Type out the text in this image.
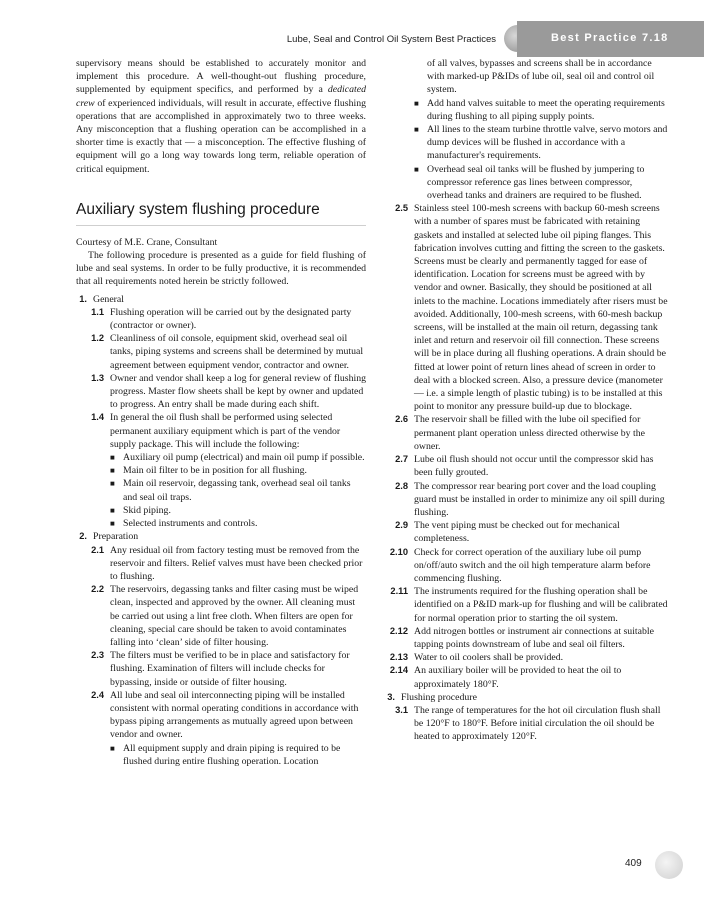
Lube, Seal and Control Oil System Best Practices	Best Practice 7.18

supervisory means should be established to accurately monitor and implement this procedure. A well-thought-out flushing procedure, supplemented by equipment specifics, and performed by a dedicated crew of experienced individuals, will result in accurate, effective flushing operations that are accomplished in approximately two to three weeks. Any misconception that a flushing operation can be accomplished in a shorter time is exactly that — a misconception. The effective flushing of equipment will go a long way towards long term, reliable operation of critical equipment.

Auxiliary system flushing procedure

Courtesy of M.E. Crane, Consultant

The following procedure is presented as a guide for field flushing of lube and seal systems. In order to be fully productive, it is recommended that all requirements noted herein be strictly followed.

1. General
1.1 Flushing operation will be carried out by the designated party (contractor or owner).
1.2 Cleanliness of oil console, equipment skid, overhead seal oil tanks, piping systems and screens shall be determined by mutual agreement between equipment vendor, contractor and owner.
1.3 Owner and vendor shall keep a log for general review of flushing progress. Master flow sheets shall be kept by owner and updated to progress. An entry shall be made during each shift.
1.4 In general the oil flush shall be performed using selected permanent auxiliary equipment which is part of the vendor supply package. This will include the following:
■ Auxiliary oil pump (electrical) and main oil pump if possible.
■ Main oil filter to be in position for all flushing.
■ Main oil reservoir, degassing tank, overhead seal oil tanks and seal oil traps.
■ Skid piping.
■ Selected instruments and controls.
2. Preparation
2.1 Any residual oil from factory testing must be removed from the reservoir and filters. Relief valves must have been checked prior to flushing.
2.2 The reservoirs, degassing tanks and filter casing must be wiped clean, inspected and approved by the owner. All cleaning must be carried out using a lint free cloth. When filters are open for cleaning, special care should be taken to avoid contaminates falling into ‘clean’ side of filter housing.
2.3 The filters must be verified to be in place and satisfactory for flushing. Examination of filters will include checks for bypassing, inside or outside of filter housing.
2.4 All lube and seal oil interconnecting piping will be installed consistent with normal operating conditions in accordance with bypass piping arrangements as mutually agreed upon between vendor and owner.
■ All equipment supply and drain piping is required to be flushed during entire flushing operation. Location
of all valves, bypasses and screens shall be in accordance with marked-up P&IDs of lube oil, seal oil and control oil system.
■ Add hand valves suitable to meet the operating requirements during flushing to all piping supply points.
■ All lines to the steam turbine throttle valve, servo motors and dump devices will be flushed in accordance with a manufacturer's requirements.
■ Overhead seal oil tanks will be flushed by jumpering to compressor reference gas lines between compressor, overhead tanks and drainers are required to be flushed.
2.5 Stainless steel 100-mesh screens with backup 60-mesh screens with a number of spares must be fabricated with retaining gaskets and installed at selected lube oil piping flanges. This fabrication involves cutting and fitting the screen to the gaskets. Screens must be clearly and permanently tagged for ease of identification. Location for screens must be agreed with by vendor and owner. Basically, they should be positioned at all inlets to the machine. Locations immediately after risers must be avoided. Additionally, 100-mesh screens, with 60-mesh backup screens, will be installed at the main oil return, degassing tank inlet and return and reservoir oil fill connection. These screens will be in place during all flushing operations. A drain should be fitted at lower point of return lines ahead of screen in order to deal with a blocked screen. Also, a pressure device (manometer — i.e. a simple length of plastic tubing) is to be installed at this point to monitor any pressure build-up due to blockage.
2.6 The reservoir shall be filled with the lube oil specified for permanent plant operation unless directed otherwise by the owner.
2.7 Lube oil flush should not occur until the compressor skid has been fully grouted.
2.8 The compressor rear bearing port cover and the load coupling guard must be installed in order to minimize any oil spill during flushing.
2.9 The vent piping must be checked out for mechanical completeness.
2.10 Check for correct operation of the auxiliary lube oil pump on/off/auto switch and the oil high temperature alarm before commencing flushing.
2.11 The instruments required for the flushing operation shall be identified on a P&ID mark-up for flushing and will be calibrated for normal operation prior to starting the oil system.
2.12 Add nitrogen bottles or instrument air connections at suitable tapping points downstream of lube and seal oil filters.
2.13 Water to oil coolers shall be provided.
2.14 An auxiliary boiler will be provided to heat the oil to approximately 180°F.
3. Flushing procedure
3.1 The range of temperatures for the hot oil circulation flush shall be 120°F to 180°F. Before initial circulation the oil should be heated to approximately 120°F.
409
